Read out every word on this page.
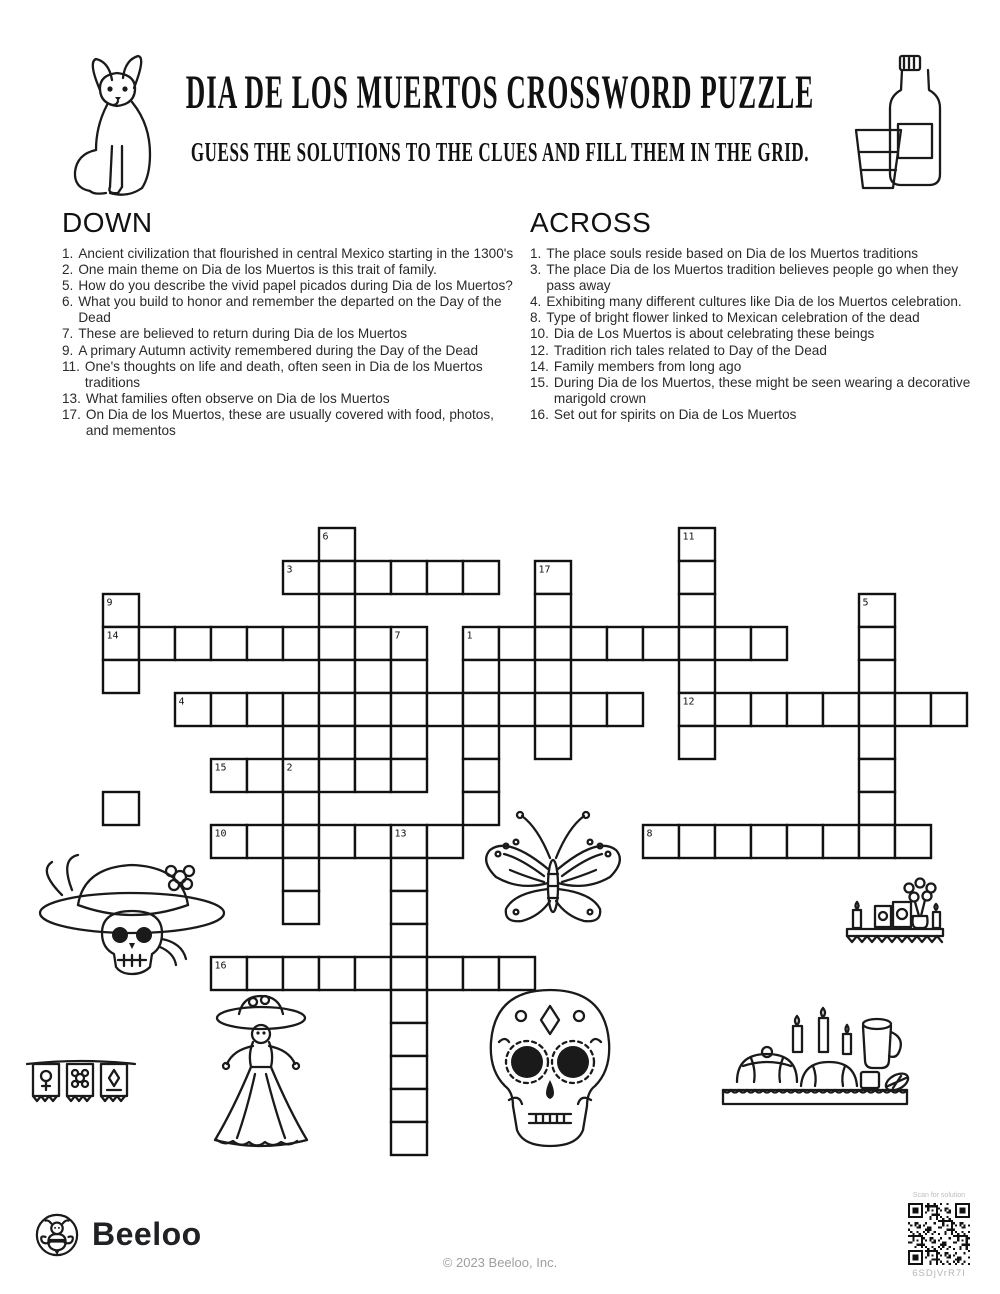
DIA DE LOS MUERTOS CROSSWORD PUZZLE
GUESS THE SOLUTIONS TO THE CLUES AND FILL THEM IN THE GRID.
DOWN
1. Ancient civilization that flourished in central Mexico starting in the 1300's
2. One main theme on Dia de los Muertos is this trait of family.
5. How do you describe the vivid papel picados during Dia de los Muertos?
6. What you build to honor and remember the departed on the Day of the Dead
7. These are believed to return during Dia de los Muertos
9. A primary Autumn activity remembered during the Day of the Dead
11. One's thoughts on life and death, often seen in Dia de los Muertos traditions
13. What families often observe on Dia de los Muertos
17. On Dia de los Muertos, these are usually covered with food, photos, and mementos
ACROSS
1. The place souls reside based on Dia de los Muertos traditions
3. The place Dia de los Muertos tradition believes people go when they pass away
4. Exhibiting many different cultures like Dia de los Muertos celebration.
8. Type of bright flower linked to Mexican celebration of the dead
10. Dia de Los Muertos is about celebrating these beings
12. Tradition rich tales related to Day of the Dead
14. Family members from long ago
15. During Dia de los Muertos, these might be seen wearing a decorative marigold crown
16. Set out for spirits on Dia de Los Muertos
6	11
3	17
9	5
14	7	1
4	12
15	2
10	13	8
16
Beeloo
© 2023 Beeloo, Inc.
Scan for solution
6SDjVrR7I
